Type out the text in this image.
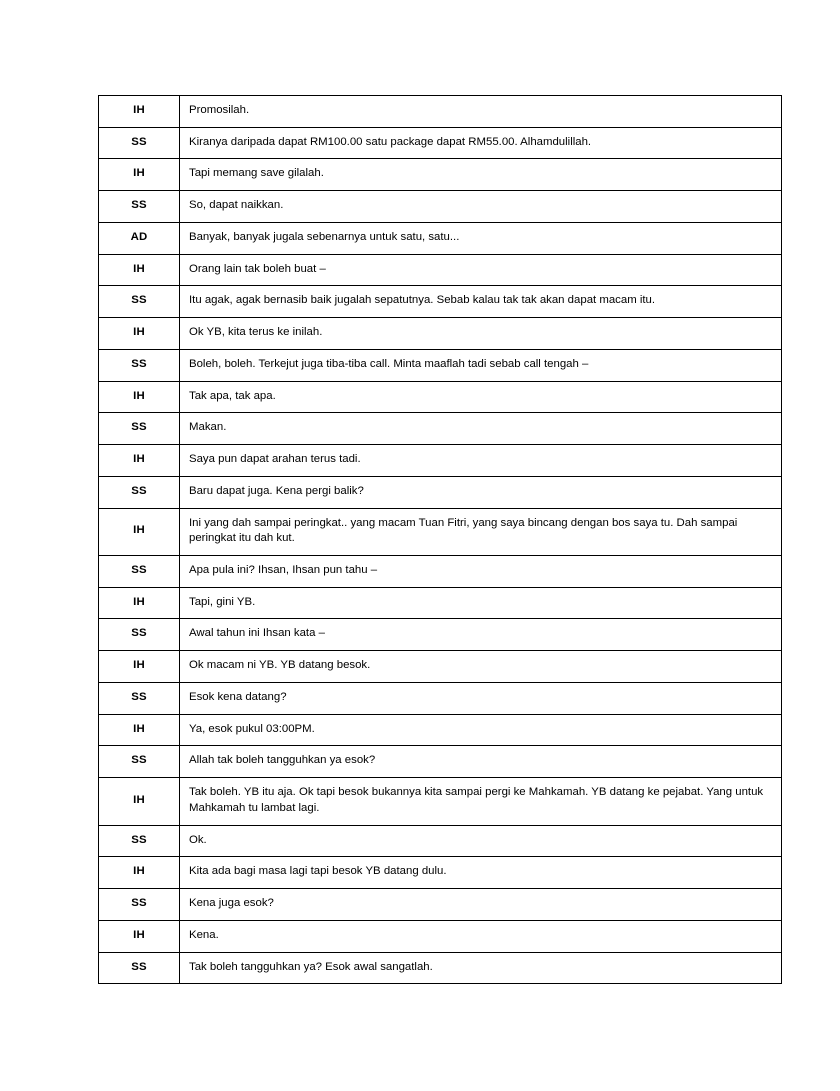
IH	Promosilah.
SS	Kiranya daripada dapat RM100.00 satu package dapat RM55.00. Alhamdulillah.
IH	Tapi memang save gilalah.
SS	So, dapat naikkan.
AD	Banyak, banyak jugala sebenarnya untuk satu, satu...
IH	Orang lain tak boleh buat –
SS	Itu agak, agak bernasib baik jugalah sepatutnya. Sebab kalau tak tak akan dapat macam itu.
IH	Ok YB, kita terus ke inilah.
SS	Boleh, boleh. Terkejut juga tiba-tiba call. Minta maaflah tadi sebab call tengah –
IH	Tak apa, tak apa.
SS	Makan.
IH	Saya pun dapat arahan terus tadi.
SS	Baru dapat juga. Kena pergi balik?
IH	Ini yang dah sampai peringkat.. yang macam Tuan Fitri, yang saya bincang dengan bos saya tu. Dah sampai peringkat itu dah kut.
SS	Apa pula ini? Ihsan, Ihsan pun tahu –
IH	Tapi, gini YB.
SS	Awal tahun ini Ihsan kata –
IH	Ok macam ni YB. YB datang besok.
SS	Esok kena datang?
IH	Ya, esok pukul 03:00PM.
SS	Allah tak boleh tangguhkan ya esok?
IH	Tak boleh. YB itu aja. Ok tapi besok bukannya kita sampai pergi ke Mahkamah. YB datang ke pejabat. Yang untuk Mahkamah tu lambat lagi.
SS	Ok.
IH	Kita ada bagi masa lagi tapi besok YB datang dulu.
SS	Kena juga esok?
IH	Kena.
SS	Tak boleh tangguhkan ya? Esok awal sangatlah.
